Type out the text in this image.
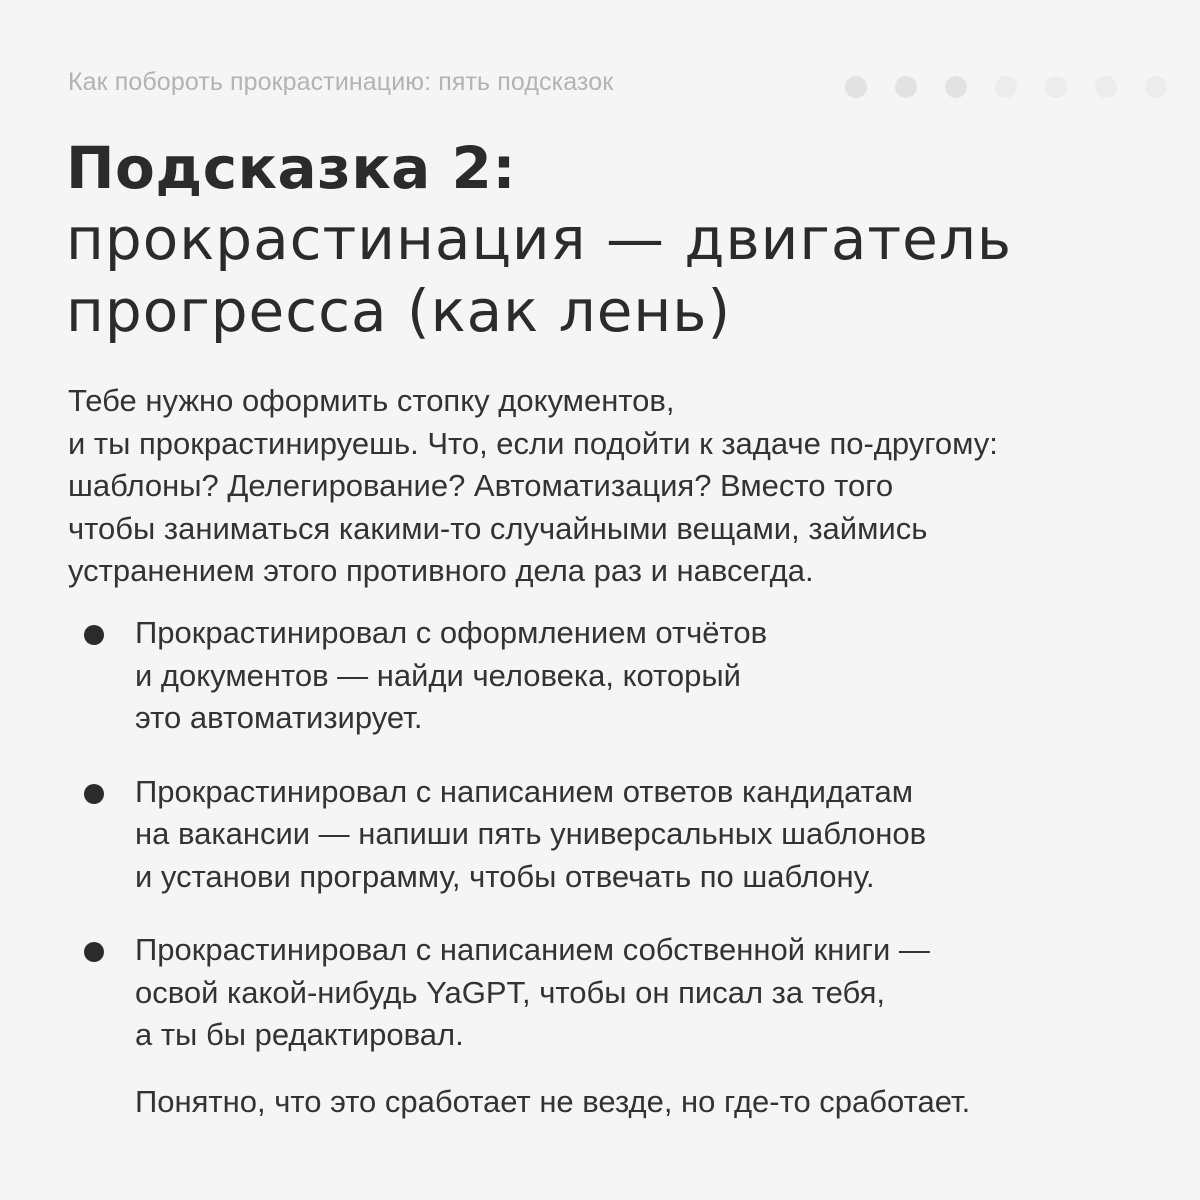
Как побороть прокрастинацию: пять подсказок
Подсказка 2:
прокрастинация — двигатель
прогресса (как лень)
Тебе нужно оформить стопку документов,
и ты прокрастинируешь. Что, если подойти к задаче по-другому:
шаблоны? Делегирование? Автоматизация? Вместо того
чтобы заниматься какими-то случайными вещами, займись
устранением этого противного дела раз и навсегда.
Прокрастинировал с оформлением отчётов
и документов — найди человека, который
это автоматизирует.
Прокрастинировал с написанием ответов кандидатам
на вакансии — напиши пять универсальных шаблонов
и установи программу, чтобы отвечать по шаблону.
Прокрастинировал с написанием собственной книги —
освой какой-нибудь YaGPT, чтобы он писал за тебя,
а ты бы редактировал.
Понятно, что это сработает не везде, но где-то сработает.
